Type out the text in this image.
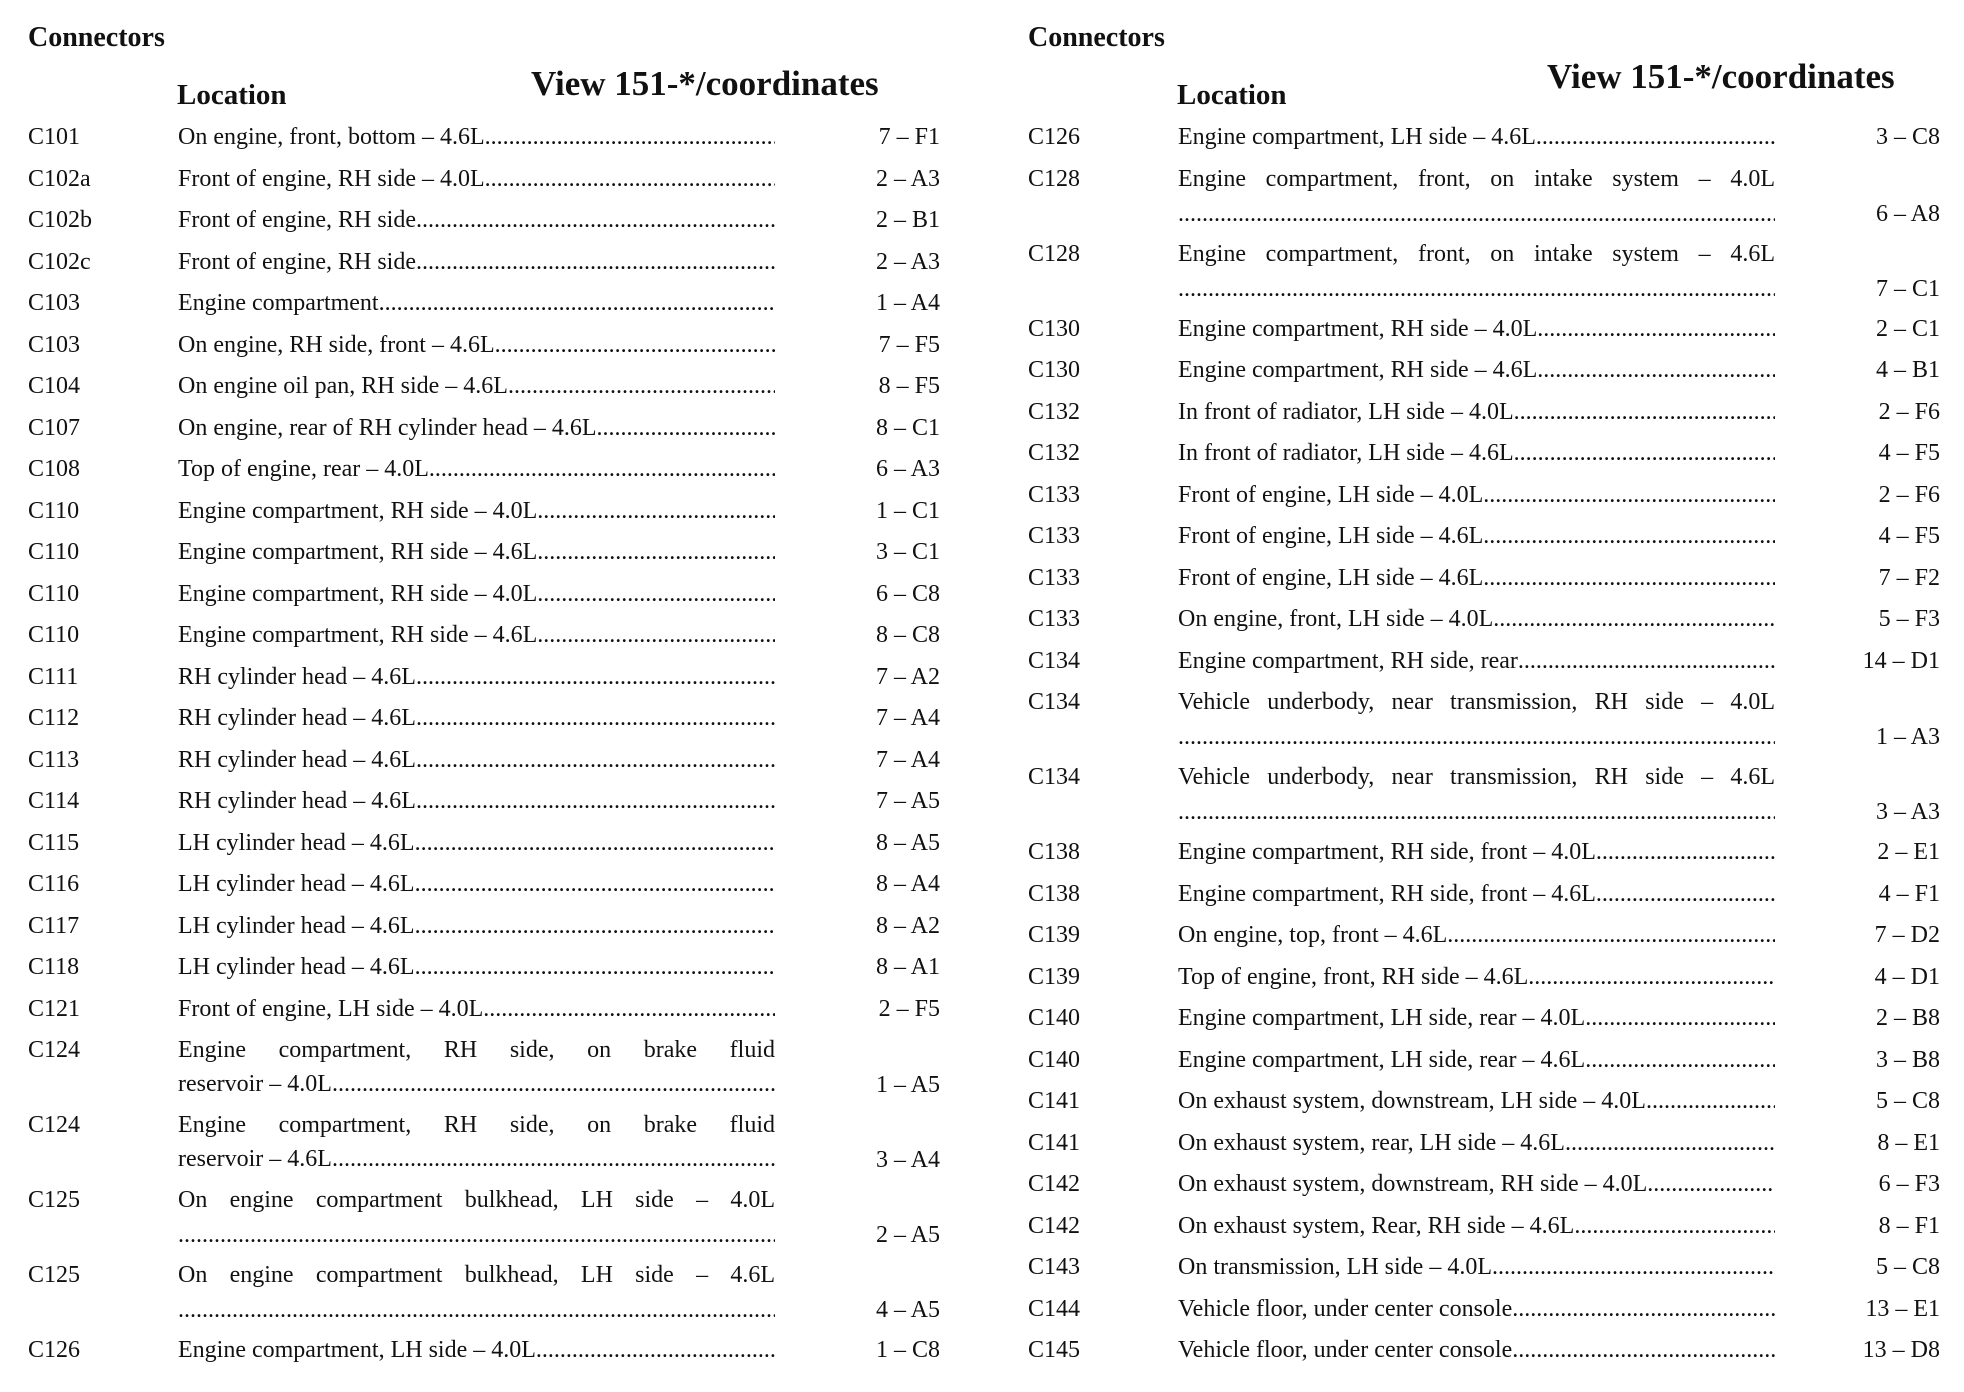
Connectors
Location	View 151-*/coordinates
C101	On engine, front, bottom – 4.6L .....	7 – F1
C102a	Front of engine, RH side – 4.0L .....	2 – A3
C102b	Front of engine, RH side .....	2 – B1
C102c	Front of engine, RH side .....	2 – A3
C103	Engine compartment .....	1 – A4
C103	On engine, RH side, front – 4.6L .....	7 – F5
C104	On engine oil pan, RH side – 4.6L .....	8 – F5
C107	On engine, rear of RH cylinder head – 4.6L .....	8 – C1
C108	Top of engine, rear – 4.0L .....	6 – A3
C110	Engine compartment, RH side – 4.0L .....	1 – C1
C110	Engine compartment, RH side – 4.6L .....	3 – C1
C110	Engine compartment, RH side – 4.0L .....	6 – C8
C110	Engine compartment, RH side – 4.6L .....	8 – C8
C111	RH cylinder head – 4.6L .....	7 – A2
C112	RH cylinder head – 4.6L .....	7 – A4
C113	RH cylinder head – 4.6L .....	7 – A4
C114	RH cylinder head – 4.6L .....	7 – A5
C115	LH cylinder head – 4.6L .....	8 – A5
C116	LH cylinder head – 4.6L .....	8 – A4
C117	LH cylinder head – 4.6L .....	8 – A2
C118	LH cylinder head – 4.6L .....	8 – A1
C121	Front of engine, LH side – 4.0L .....	2 – F5
C124	Engine compartment, RH side, on brake fluid
reservoir – 4.0L .....	1 – A5
C124	Engine compartment, RH side, on brake fluid
reservoir – 4.6L .....	3 – A4
C125	On engine compartment bulkhead, LH side – 4.0L
.....
2 – A5
C125	On engine compartment bulkhead, LH side – 4.6L
.....
4 – A5
C126	Engine compartment, LH side – 4.0L .....	1 – C8
Connectors
Location	View 151-*/coordinates
C126	Engine compartment, LH side – 4.6L .....	3 – C8
C128	Engine compartment, front, on intake system – 4.0L
.....
6 – A8
C128	Engine compartment, front, on intake system – 4.6L
.....
7 – C1
C130	Engine compartment, RH side – 4.0L .....	2 – C1
C130	Engine compartment, RH side – 4.6L .....	4 – B1
C132	In front of radiator, LH side – 4.0L .....	2 – F6
C132	In front of radiator, LH side – 4.6L .....	4 – F5
C133	Front of engine, LH side – 4.0L .....	2 – F6
C133	Front of engine, LH side – 4.6L .....	4 – F5
C133	Front of engine, LH side – 4.6L .....	7 – F2
C133	On engine, front, LH side – 4.0L .....	5 – F3
C134	Engine compartment, RH side, rear .....	14 – D1
C134	Vehicle underbody, near transmission, RH side – 4.0L
.....
1 – A3
C134	Vehicle underbody, near transmission, RH side – 4.6L
.....
3 – A3
C138	Engine compartment, RH side, front – 4.0L .....	2 – E1
C138	Engine compartment, RH side, front – 4.6L .....	4 – F1
C139	On engine, top, front – 4.6L .....	7 – D2
C139	Top of engine, front, RH side – 4.6L .....	4 – D1
C140	Engine compartment, LH side, rear – 4.0L .....	2 – B8
C140	Engine compartment, LH side, rear – 4.6L .....	3 – B8
C141	On exhaust system, downstream, LH side – 4.0L .....	5 – C8
C141	On exhaust system, rear, LH side – 4.6L .....	8 – E1
C142	On exhaust system, downstream, RH side – 4.0L .....	6 – F3
C142	On exhaust system, Rear, RH side – 4.6L .....	8 – F1
C143	On transmission, LH side – 4.0L .....	5 – C8
C144	Vehicle floor, under center console .....	13 – E1
C145	Vehicle floor, under center console .....	13 – D8
